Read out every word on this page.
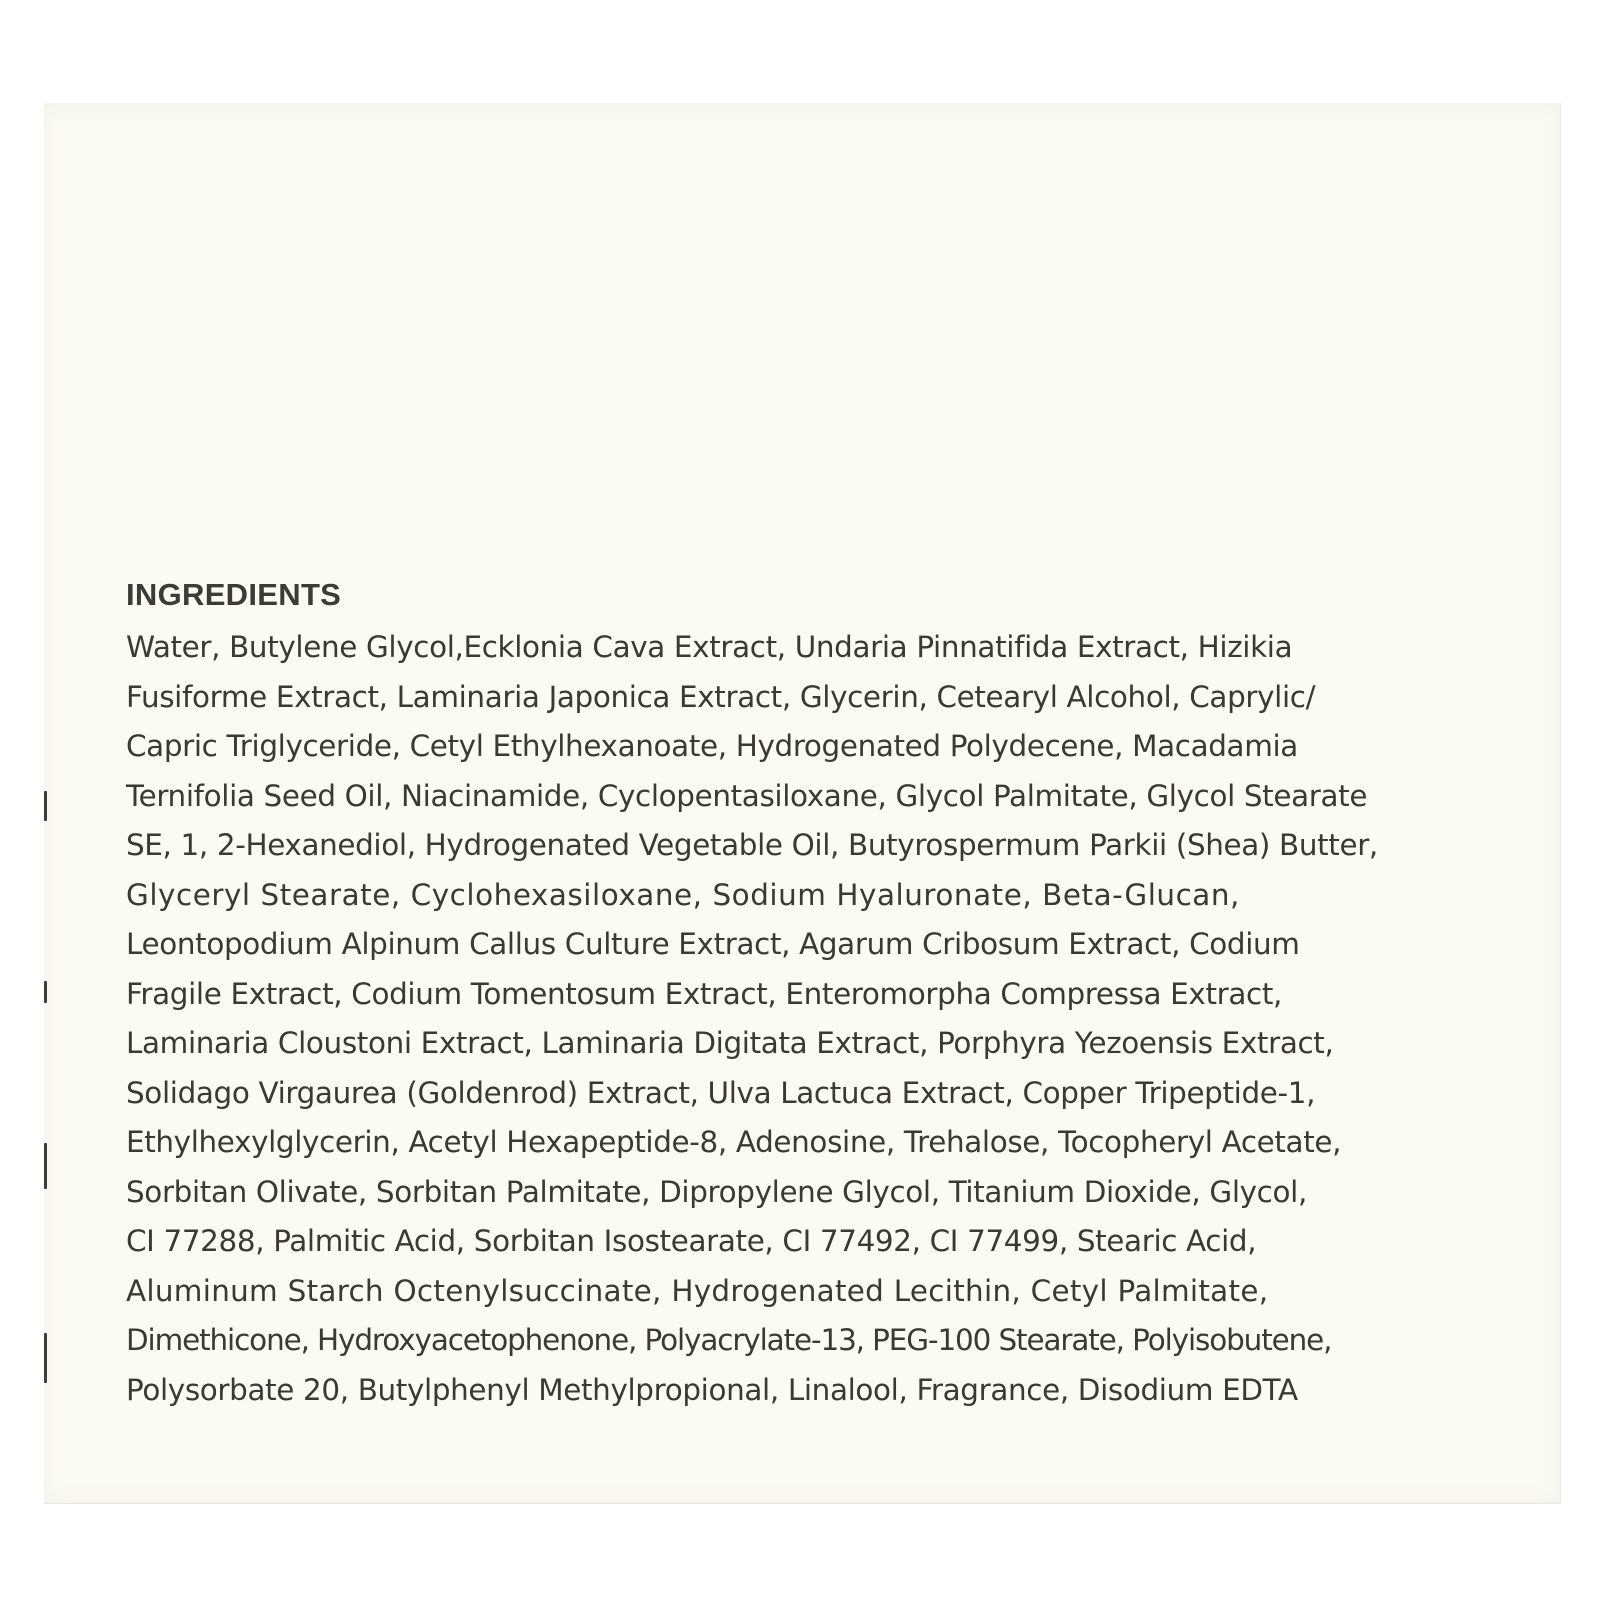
INGREDIENTS
Water, Butylene Glycol,Ecklonia Cava Extract, Undaria Pinnatifida Extract, Hizikia
Fusiforme Extract, Laminaria Japonica Extract, Glycerin, Cetearyl Alcohol, Caprylic/
Capric Triglyceride, Cetyl Ethylhexanoate, Hydrogenated Polydecene, Macadamia
Ternifolia Seed Oil, Niacinamide, Cyclopentasiloxane, Glycol Palmitate, Glycol Stearate
SE, 1, 2-Hexanediol, Hydrogenated Vegetable Oil, Butyrospermum Parkii (Shea) Butter,
Glyceryl Stearate, Cyclohexasiloxane, Sodium Hyaluronate, Beta-Glucan,
Leontopodium Alpinum Callus Culture Extract, Agarum Cribosum Extract, Codium
Fragile Extract, Codium Tomentosum Extract, Enteromorpha Compressa Extract,
Laminaria Cloustoni Extract, Laminaria Digitata Extract, Porphyra Yezoensis Extract,
Solidago Virgaurea (Goldenrod) Extract, Ulva Lactuca Extract, Copper Tripeptide-1,
Ethylhexylglycerin, Acetyl Hexapeptide-8, Adenosine, Trehalose, Tocopheryl Acetate,
Sorbitan Olivate, Sorbitan Palmitate, Dipropylene Glycol, Titanium Dioxide, Glycol,
CI 77288, Palmitic Acid, Sorbitan Isostearate, CI 77492, CI 77499, Stearic Acid,
Aluminum Starch Octenylsuccinate, Hydrogenated Lecithin, Cetyl Palmitate,
Dimethicone, Hydroxyacetophenone, Polyacrylate-13, PEG-100 Stearate, Polyisobutene,
Polysorbate 20, Butylphenyl Methylpropional, Linalool, Fragrance, Disodium EDTA
